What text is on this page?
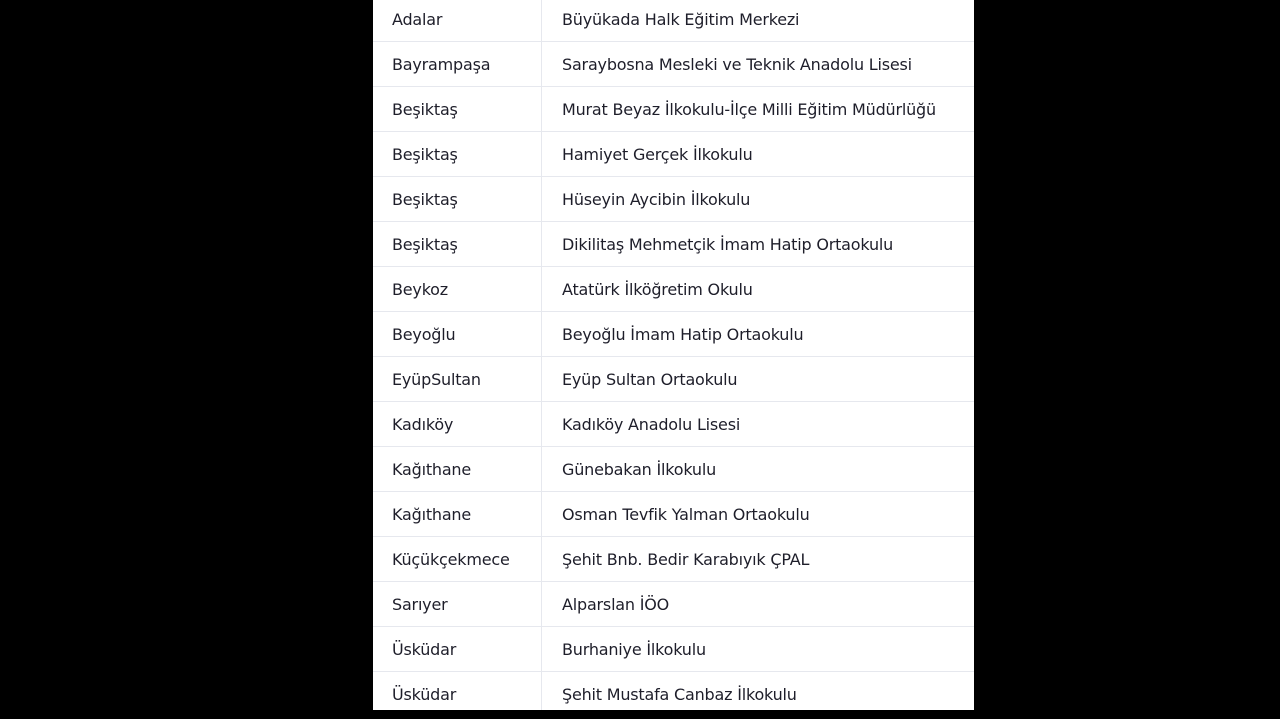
Adalar	Büyükada Halk Eğitim Merkezi
Bayrampaşa	Saraybosna Mesleki ve Teknik Anadolu Lisesi
Beşiktaş	Murat Beyaz İlkokulu-İlçe Milli Eğitim Müdürlüğü
Beşiktaş	Hamiyet Gerçek İlkokulu
Beşiktaş	Hüseyin Aycibin İlkokulu
Beşiktaş	Dikilitaş Mehmetçik İmam Hatip Ortaokulu
Beykoz	Atatürk İlköğretim Okulu
Beyoğlu	Beyoğlu İmam Hatip Ortaokulu
EyüpSultan	Eyüp Sultan Ortaokulu
Kadıköy	Kadıköy Anadolu Lisesi
Kağıthane	Günebakan İlkokulu
Kağıthane	Osman Tevfik Yalman Ortaokulu
Küçükçekmece	Şehit Bnb. Bedir Karabıyık ÇPAL
Sarıyer	Alparslan İÖO
Üsküdar	Burhaniye İlkokulu
Üsküdar	Şehit Mustafa Canbaz İlkokulu
